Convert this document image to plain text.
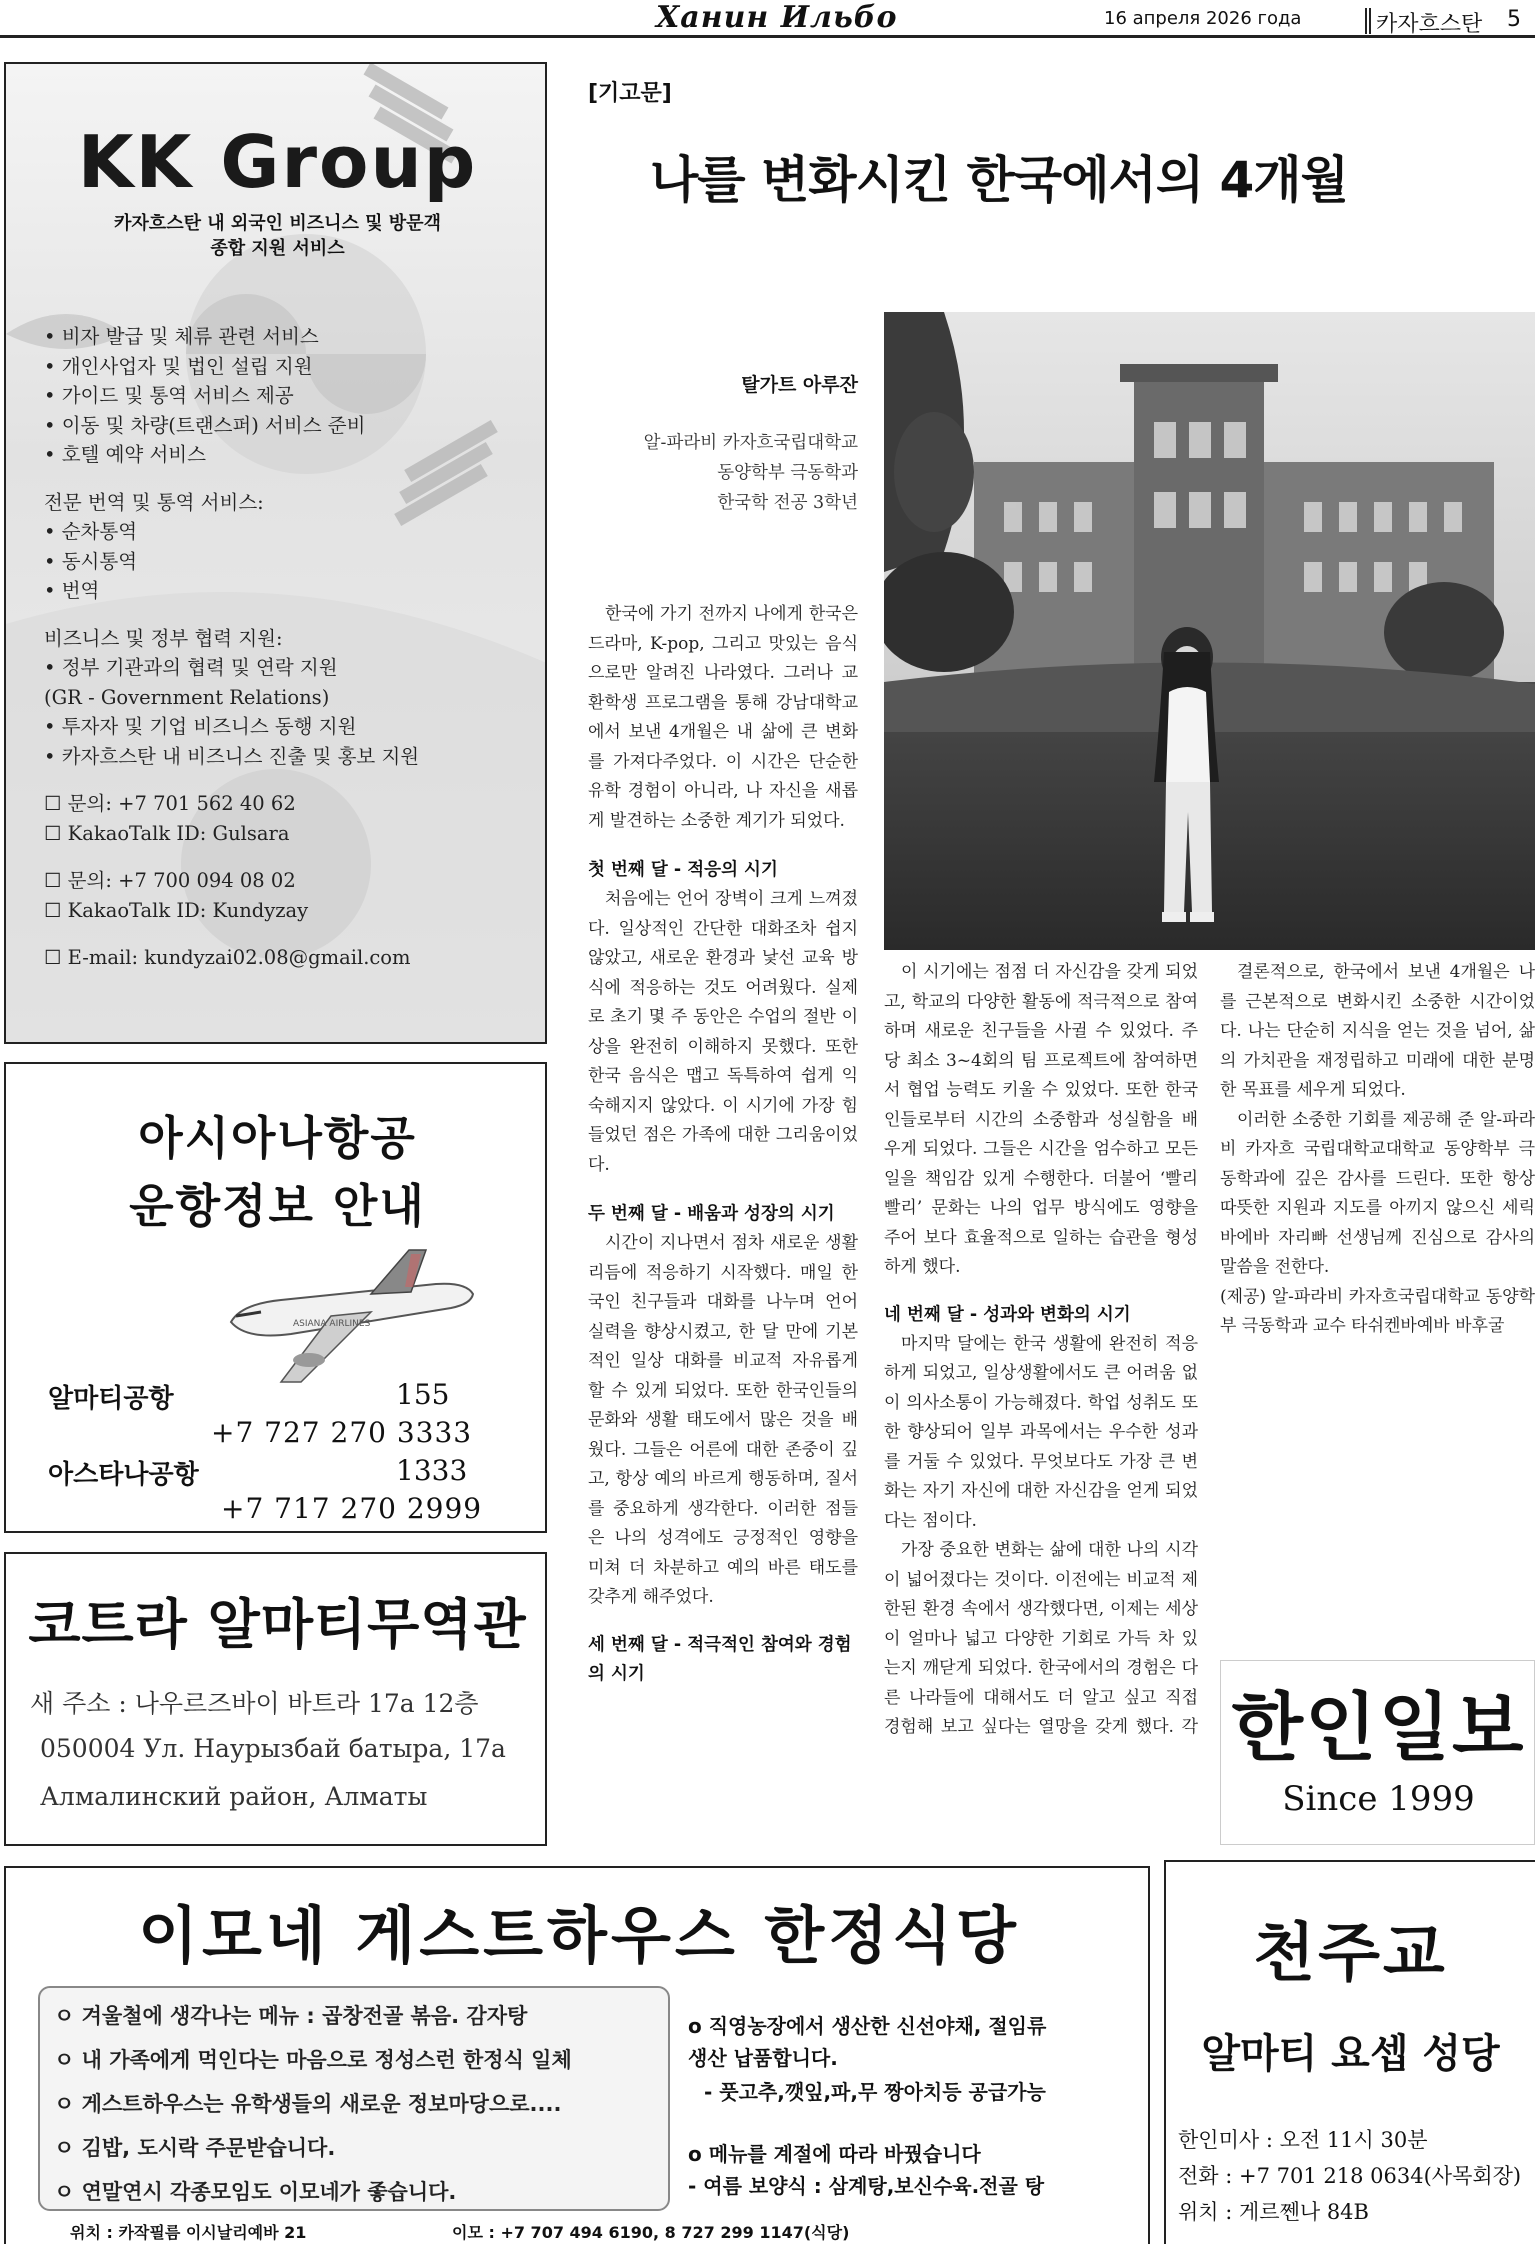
Ханин Ильбо	16 апреля 2026 года	카자흐스탄 5
KK Group
카자흐스탄 내 외국인 비즈니스 및 방문객
종합 지원 서비스
• 비자 발급 및 체류 관련 서비스
• 개인사업자 및 법인 설립 지원
• 가이드 및 통역 서비스 제공
• 이동 및 차량(트랜스퍼) 서비스 준비
• 호텔 예약 서비스
전문 번역 및 통역 서비스:
• 순차통역
• 동시통역
• 번역
비즈니스 및 정부 협력 지원:
• 정부 기관과의 협력 및 연락 지원
(GR - Government Relations)
• 투자자 및 기업 비즈니스 동행 지원
• 카자흐스탄 내 비즈니스 진출 및 홍보 지원
☐ 문의: +7 701 562 40 62
☐ KakaoTalk ID: Gulsara
☐ 문의: +7 700 094 08 02
☐ KakaoTalk ID: Kundyzay
☐ E-mail: kundyzai02.08@gmail.com
아시아나항공
운항정보 안내
ASIANA AIRLINES
알마티공항	155
+7 727 270 3333
아스타나공항	1333
+7 717 270 2999
코트라 알마티무역관
새 주소 : 나우르즈바이 바트라 17a 12층
050004 Ул. Наурызбай батыра, 17а
Алмалинский район, Алматы
[기고문]
나를 변화시킨 한국에서의 4개월
탈가트 아루잔
알-파라비 카자흐국립대학교
동양학부 극동학과
한국학 전공 3학년

한국에 가기 전까지 나에게 한국은 드라마, K-pop, 그리고 맛있는 음식으로만 알려진 나라였다. 그러나 교환학생 프로그램을 통해 강남대학교에서 보낸 4개월은 내 삶에 큰 변화를 가져다주었다. 이 시간은 단순한 유학 경험이 아니라, 나 자신을 새롭게 발견하는 소중한 계기가 되었다.

첫 번째 달 - 적응의 시기

처음에는 언어 장벽이 크게 느껴졌다. 일상적인 간단한 대화조차 쉽지 않았고, 새로운 환경과 낯선 교육 방식에 적응하는 것도 어려웠다. 실제로 초기 몇 주 동안은 수업의 절반 이상을 완전히 이해하지 못했다. 또한 한국 음식은 맵고 독특하여 쉽게 익숙해지지 않았다. 이 시기에 가장 힘들었던 점은 가족에 대한 그리움이었다.

두 번째 달 - 배움과 성장의 시기

시간이 지나면서 점차 새로운 생활 리듬에 적응하기 시작했다. 매일 한국인 친구들과 대화를 나누며 언어 실력을 향상시켰고, 한 달 만에 기본적인 일상 대화를 비교적 자유롭게 할 수 있게 되었다. 또한 한국인들의 문화와 생활 태도에서 많은 것을 배웠다. 그들은 어른에 대한 존중이 깊고, 항상 예의 바르게 행동하며, 질서를 중요하게 생각한다. 이러한 점들은 나의 성격에도 긍정적인 영향을 미쳐 더 차분하고 예의 바른 태도를 갖추게 해주었다.

세 번째 달 - 적극적인 참여와 경험의 시기

이 시기에는 점점 더 자신감을 갖게 되었고, 학교의 다양한 활동에 적극적으로 참여하며 새로운 친구들을 사귈 수 있었다. 주당 최소 3~4회의 팀 프로젝트에 참여하면서 협업 능력도 키울 수 있었다. 또한 한국인들로부터 시간의 소중함과 성실함을 배우게 되었다. 그들은 시간을 엄수하고 모든 일을 책임감 있게 수행한다. 더불어 ‘빨리빨리’ 문화는 나의 업무 방식에도 영향을 주어 보다 효율적으로 일하는 습관을 형성하게 했다.

네 번째 달 - 성과와 변화의 시기

마지막 달에는 한국 생활에 완전히 적응하게 되었고, 일상생활에서도 큰 어려움 없이 의사소통이 가능해졌다. 학업 성취도 또한 향상되어 일부 과목에서는 우수한 성과를 거둘 수 있었다. 무엇보다도 가장 큰 변화는 자기 자신에 대한 자신감을 얻게 되었다는 점이다.

가장 중요한 변화는 삶에 대한 나의 시각이 넓어졌다는 것이다. 이전에는 비교적 제한된 환경 속에서 생각했다면, 이제는 세상이 얼마나 넓고 다양한 기회로 가득 차 있는지 깨닫게 되었다. 한국에서의 경험은 다른 나라들에 대해서도 더 알고 싶고 직접 경험해 보고 싶다는 열망을 갖게 했다. 각

결론적으로, 한국에서 보낸 4개월은 나를 근본적으로 변화시킨 소중한 시간이었다. 나는 단순히 지식을 얻는 것을 넘어, 삶의 가치관을 재정립하고 미래에 대한 분명한 목표를 세우게 되었다.

이러한 소중한 기회를 제공해 준 알-파라비 카자흐 국립대학교대학교 동양학부 극동학과에 깊은 감사를 드린다. 또한 항상 따뜻한 지원과 지도를 아끼지 않으신 세릭바에바 자리빠 선생님께 진심으로 감사의 말씀을 전한다.

(제공) 알-파라비 카자흐국립대학교 동양학부 극동학과 교수 타쉬켄바예바 바후굴

한인일보
Since 1999
이모네 게스트하우스 한정식당
ㅇ 겨울철에 생각나는 메뉴 : 곱창전골 볶음. 감자탕
ㅇ 내 가족에게 먹인다는 마음으로 정성스런 한정식 일체
ㅇ 게스트하우스는 유학생들의 새로운 정보마당으로....
ㅇ 김밥, 도시락 주문받습니다.
ㅇ 연말연시 각종모임도 이모네가 좋습니다.
o 직영농장에서 생산한 신선야채, 절임류
생산 납품합니다.
- 풋고추,깻잎,파,무 짱아치등 공급가능
o 메뉴를 계절에 따라 바꿨습니다
- 여름 보양식 : 삼계탕,보신수육.전골 탕
위치 : 카작필름 이시날리예바 21	이모 : +7 707 494 6190, 8 727 299 1147(식당)
천주교
알마티 요셉 성당
한인미사 : 오전 11시 30분
전화 : +7 701 218 0634(사목회장)
위치 : 게르쩬나 84B
